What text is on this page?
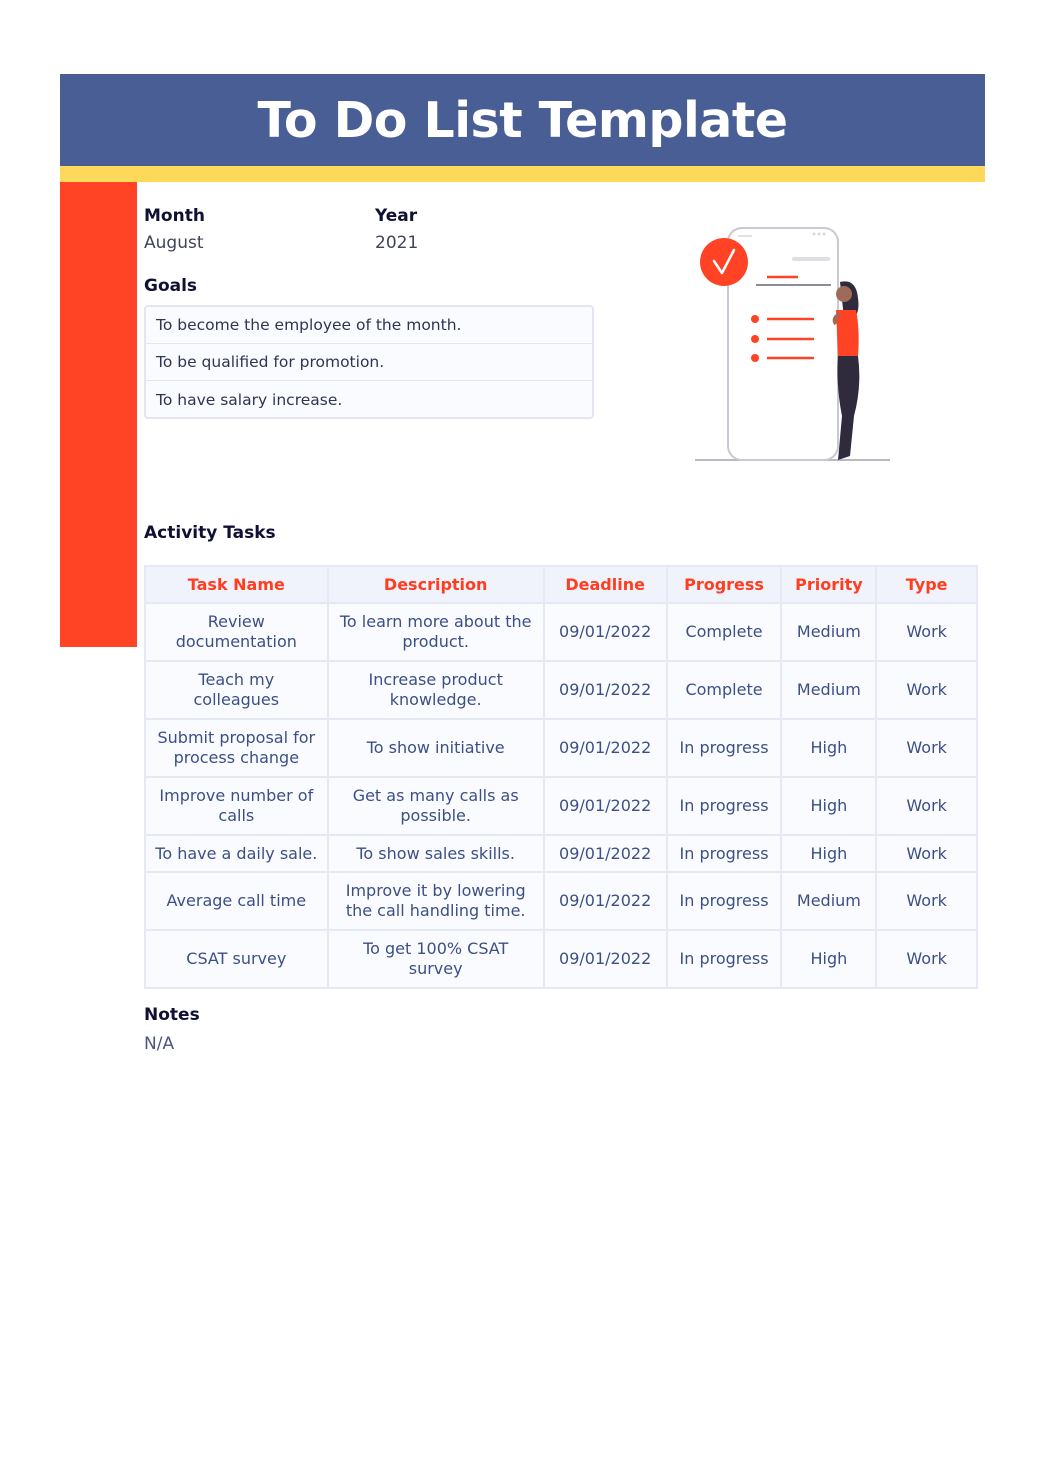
To Do List Template
Month
August
Year
2021
Goals
To become the employee of the month.
To be qualified for promotion.
To have salary increase.
Activity Tasks
Task Name	Description	Deadline	Progress	Priority	Type
Review documentation	To learn more about the product.	09/01/2022	Complete	Medium	Work
Teach my colleagues	Increase product knowledge.	09/01/2022	Complete	Medium	Work
Submit proposal for process change	To show initiative	09/01/2022	In progress	High	Work
Improve number of calls	Get as many calls as possible.	09/01/2022	In progress	High	Work
To have a daily sale.	To show sales skills.	09/01/2022	In progress	High	Work
Average call time	Improve it by lowering the call handling time.	09/01/2022	In progress	Medium	Work
CSAT survey	To get 100% CSAT survey	09/01/2022	In progress	High	Work
Notes
N/A
